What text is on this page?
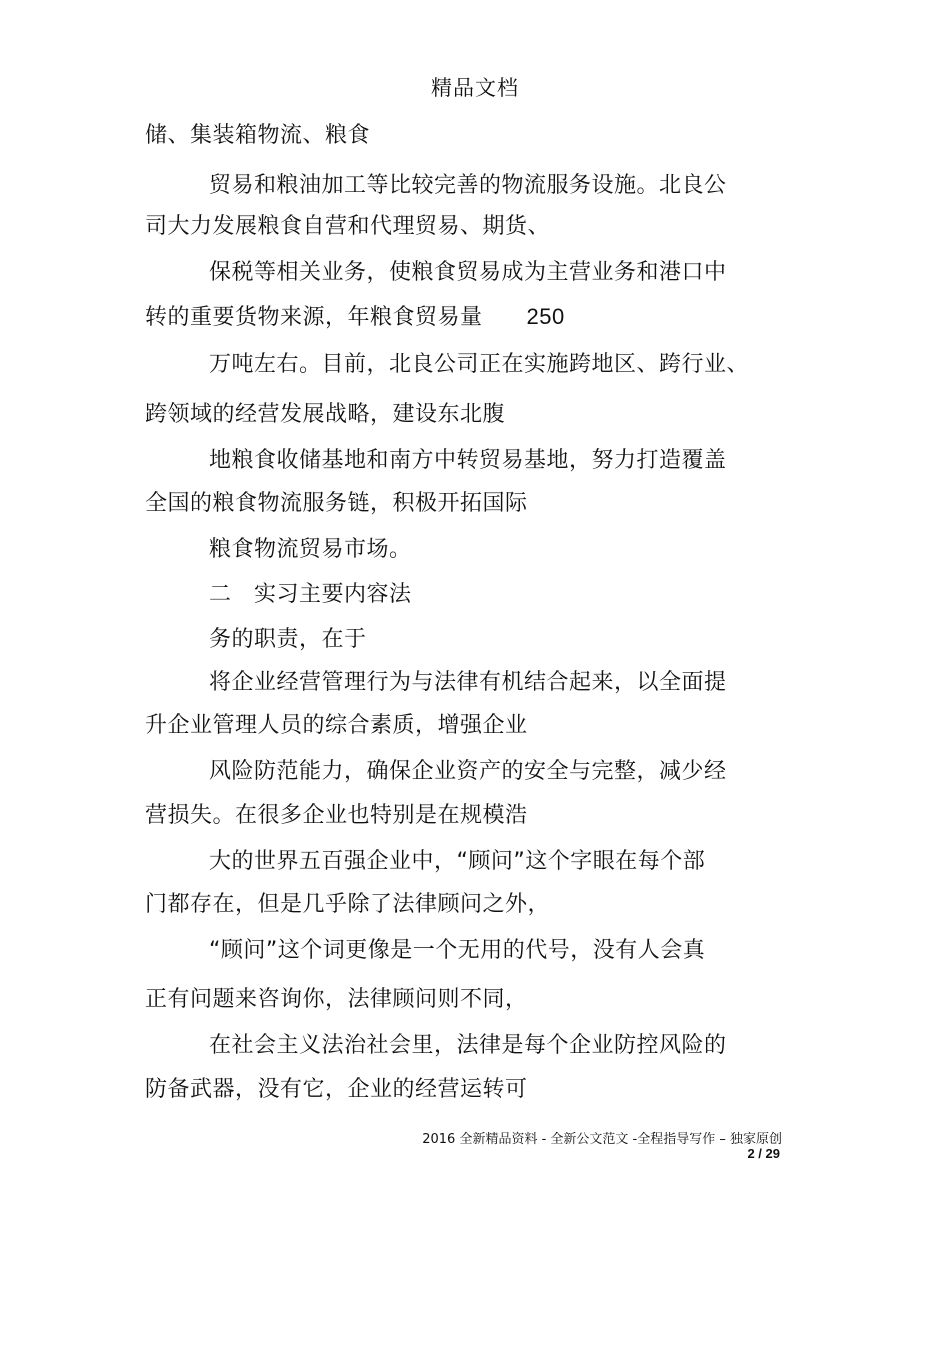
精品文档
储、集装箱物流、粮食
贸易和粮油加工等比较完善的物流服务设施。北良公
司大力发展粮食自营和代理贸易、期货、
保税等相关业务，使粮食贸易成为主营业务和港口中
转的重要货物来源，年粮食贸易量 250
万吨左右。目前，北良公司正在实施跨地区、跨行业、
跨领域的经营发展战略，建设东北腹
地粮食收储基地和南方中转贸易基地，努力打造覆盖
全国的粮食物流服务链，积极开拓国际
粮食物流贸易市场。
二　实习主要内容法
务的职责，在于
将企业经营管理行为与法律有机结合起来，以全面提
升企业管理人员的综合素质，增强企业
风险防范能力，确保企业资产的安全与完整，减少经
营损失。在很多企业也特别是在规模浩
大的世界五百强企业中，“顾问”这个字眼在每个部
门都存在，但是几乎除了法律顾问之外，
“顾问”这个词更像是一个无用的代号，没有人会真
正有问题来咨询你，法律顾问则不同，
在社会主义法治社会里，法律是每个企业防控风险的
防备武器，没有它，企业的经营运转可
2016 全新精品资料 - 全新公文范文 -全程指导写作 – 独家原创
2 / 29
